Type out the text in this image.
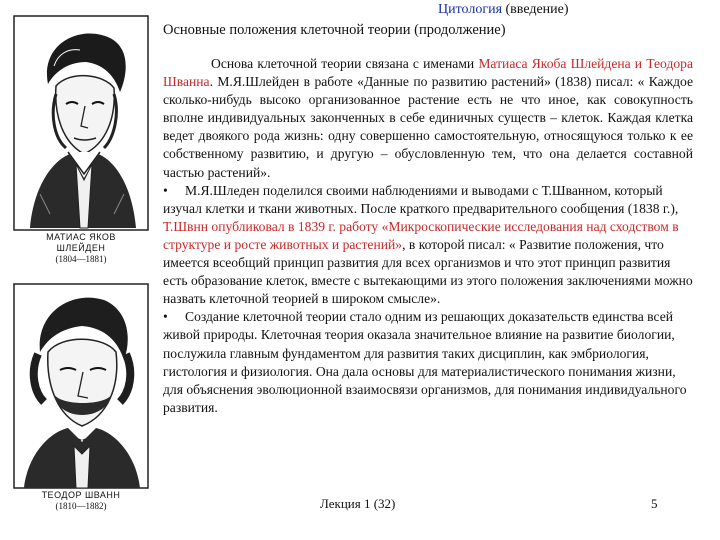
Цитология (введение)
Основные положения клеточной теории (продолжение)
МАТИАС ЯКОВ
ШЛЕЙДЕН
(1804—1881)
ТЕОДОР ШВАНН
(1810—1882)

Основа клеточной теории связана с именами Матиаса Якоба Шлейдена и Теодора Шванна. М.Я.Шлейден в работе «Данные по развитию растений» (1838) писал: « Каждое сколько-нибудь высоко организованное растение есть не что иное, как совокупность вполне индивидуальных законченных в себе единичных существ – клеток. Каждая клетка ведет двоякого рода жизнь: одну совершенно самостоятельную, относящуюся только к ее собственному развитию, и другую – обусловленную тем, что она делается составной частью растений».

• М.Я.Шледен поделился своими наблюдениями и выводами с Т.Шванном, который изучал клетки и ткани животных. После краткого предварительного сообщения (1838 г.), Т.Швнн опубликовал в 1839 г. работу «Микроскопические исследования над сходством в структуре и росте животных и растений», в которой писал: « Развитие положения, что имеется всеобщий принцип развития для всех организмов и что этот принцип развития есть образование клеток, вместе с вытекающими из этого положения заключениями можно назвать клеточной теорией в широком смысле».

• Создание клеточной теории стало одним из решающих доказательств единства всей живой природы. Клеточная теория оказала значительное влияние на развитие биологии, послужила главным фундаментом для развития таких дисциплин, как эмбриология, гистология и физиология. Она дала основы для материалистического понимания жизни, для объяснения эволюционной взаимосвязи организмов, для понимания индивидуального развития.

Лекция 1 (32)	5
